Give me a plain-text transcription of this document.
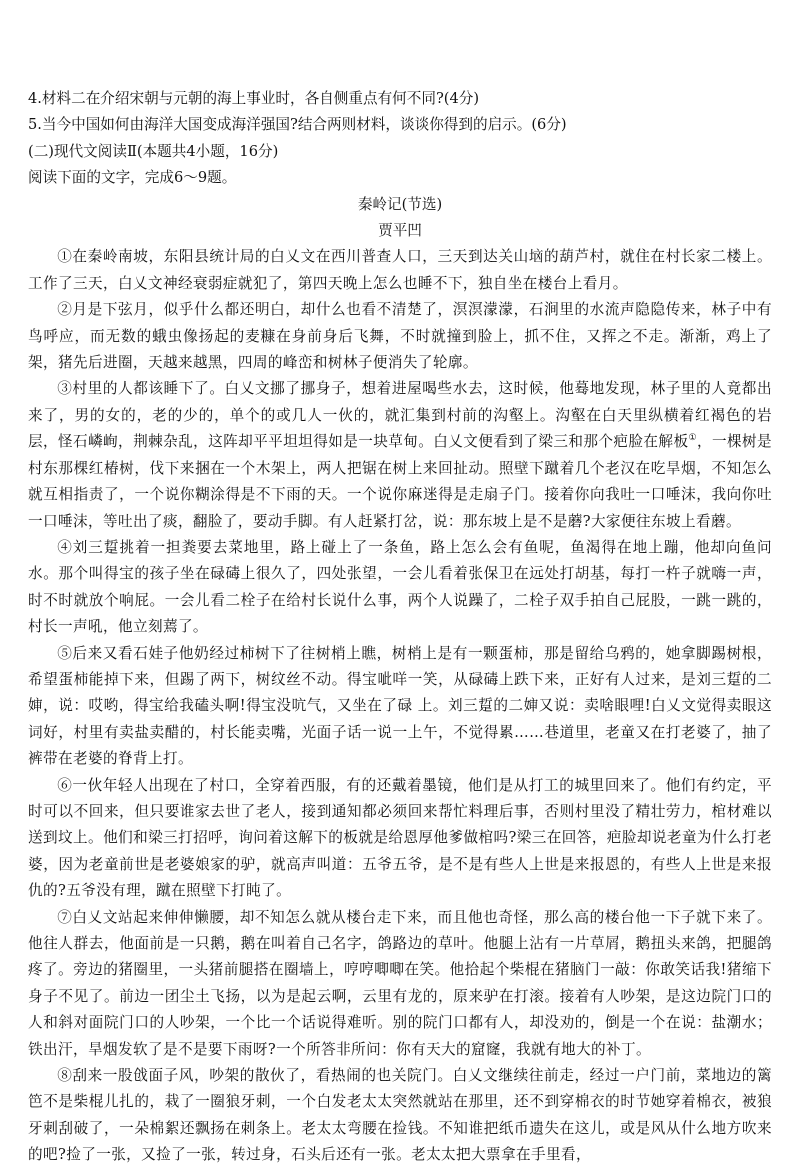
4.材料二在介绍宋朝与元朝的海上事业时，各自侧重点有何不同?(4分)

5.当今中国如何由海洋大国变成海洋强国?结合两则材料，谈谈你得到的启示。(6分)

(二)现代文阅读Ⅱ(本题共4小题，16分)

阅读下面的文字，完成6～9题。

秦岭记(节选)

贾平凹

①在秦岭南坡，东阳县统计局的白乂文在西川普查人口，三天到达关山垴的葫芦村，就住在村长家二楼上。工作了三天，白乂文神经衰弱症就犯了，第四天晚上怎么也睡不下，独自坐在楼台上看月。

②月是下弦月，似乎什么都还明白，却什么也看不清楚了，溟溟濛濛，石涧里的水流声隐隐传来，林子中有鸟呼应，而无数的蛾虫像扬起的麦糠在身前身后飞舞，不时就撞到脸上，抓不住，又挥之不走。渐渐，鸡上了架，猪先后进圈，天越来越黑，四周的峰峦和树林子便消失了轮廓。

③村里的人都该睡下了。白乂文挪了挪身子，想着进屋喝些水去，这时候，他蓦地发现，林子里的人竟都出来了，男的女的，老的少的，单个的或几人一伙的，就汇集到村前的沟壑上。沟壑在白天里纵横着红褐色的岩层，怪石嶙峋，荆棘杂乱，这阵却平平坦坦得如是一块草甸。白乂文便看到了梁三和那个疤脸在解板①，一棵树是村东那棵红椿树，伐下来捆在一个木架上，两人把锯在树上来回扯动。照壁下蹴着几个老汉在吃旱烟，不知怎么就互相指责了，一个说你糊涂得是不下雨的天。一个说你麻迷得是走扇子门。接着你向我吐一口唾沫，我向你吐一口唾沫，等吐出了痰，翻脸了，要动手脚。有人赶紧打岔，说：那东坡上是不是蘑?大家便往东坡上看蘑。

④刘三踅挑着一担粪要去菜地里，路上碰上了一条鱼，路上怎么会有鱼呢，鱼渴得在地上蹦，他却向鱼问水。那个叫得宝的孩子坐在碌碡上很久了，四处张望，一会儿看着张保卫在远处打胡基，每打一杵子就嗨一声，时不时就放个响屁。一会儿看二栓子在给村长说什么事，两个人说躁了，二栓子双手拍自己屁股，一跳一跳的，村长一声吼，他立刻蔫了。

⑤后来又看石娃子他奶经过柿树下了往树梢上瞧，树梢上是有一颗蛋柿，那是留给乌鸦的，她拿脚踢树根，希望蛋柿能掉下来，但踢了两下，树纹丝不动。得宝呲咩一笑，从碌碡上跌下来，正好有人过来，是刘三踅的二婶，说：哎哟，得宝给我磕头啊!得宝没吭气，又坐在了碌 上。刘三踅的二婶又说：卖啥眼哩!白乂文觉得卖眼这词好，村里有卖盐卖醋的，村长能卖嘴，光面子话一说一上午，不觉得累……巷道里，老童又在打老婆了，抽了裤带在老婆的脊背上打。

⑥一伙年轻人出现在了村口，全穿着西服，有的还戴着墨镜，他们是从打工的城里回来了。他们有约定，平时可以不回来，但只要谁家去世了老人，接到通知都必须回来帮忙料理后事，否则村里没了精壮劳力，棺材难以送到坟上。他们和梁三打招呼，询问着这解下的板就是给恩厚他爹做棺吗?梁三在回答，疤脸却说老童为什么打老婆，因为老童前世是老婆娘家的驴，就高声叫道：五爷五爷，是不是有些人上世是来报恩的，有些人上世是来报仇的?五爷没有理，蹴在照壁下打盹了。

⑦白乂文站起来伸伸懒腰，却不知怎么就从楼台走下来，而且他也奇怪，那么高的楼台他一下子就下来了。他往人群去，他面前是一只鹅，鹅在叫着自己名字，鸽路边的草叶。他腿上沾有一片草屑，鹅扭头来鸽，把腿鸽疼了。旁边的猪圈里，一头猪前腿搭在圈墙上，哼哼唧唧在笑。他拾起个柴棍在猪脑门一敲：你敢笑话我!猪缩下身子不见了。前边一团尘土飞扬，以为是起云啊，云里有龙的，原来驴在打滚。接着有人吵架，是这边院门口的人和斜对面院门口的人吵架，一个比一个话说得难听。别的院门口都有人，却没劝的，倒是一个在说：盐潮水；铁出汗，旱烟发软了是不是要下雨呀?一个所答非所问：你有天大的窟窿，我就有地大的补丁。

⑧刮来一股戗面子风，吵架的散伙了，看热闹的也关院门。白乂文继续往前走，经过一户门前，菜地边的篱笆不是柴棍儿扎的，栽了一圈狼牙刺，一个白发老太太突然就站在那里，还不到穿棉衣的时节她穿着棉衣，被狼牙刺刮破了，一朵棉絮还飘扬在刺条上。老太太弯腰在捡钱。不知谁把纸币遗失在这儿，或是风从什么地方吹来的吧?捡了一张，又捡了一张，转过身，石头后还有一张。老太太把大票拿在手里看，
